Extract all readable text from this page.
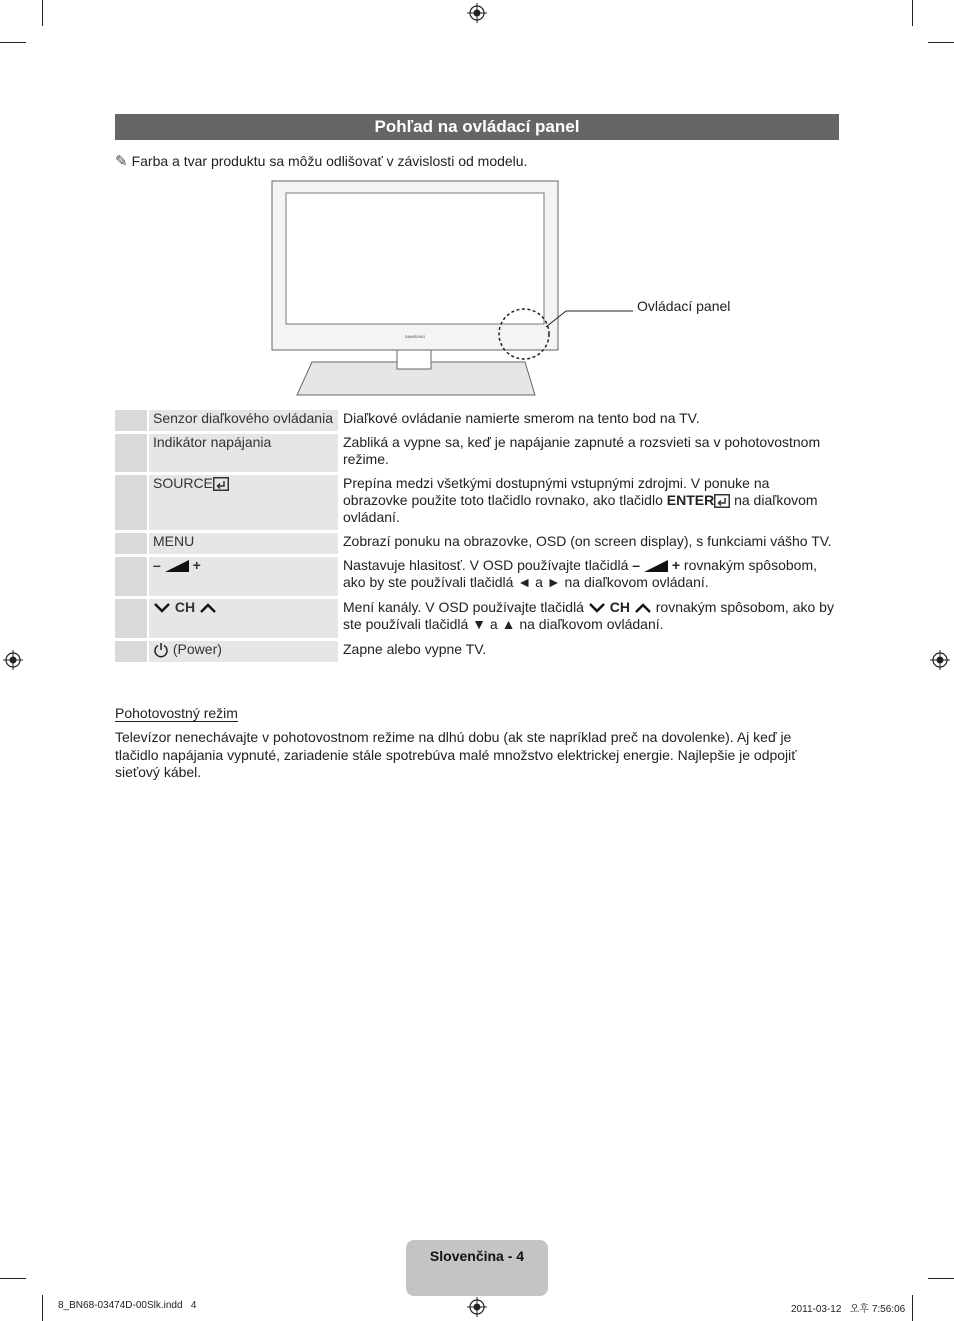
Pohľad na ovládací panel
✎ Farba a tvar produktu sa môžu odlišovať v závislosti od modelu.
SAMSUNG
Ovládací panel
	Senzor diaľkového ovládania	Diaľkové ovládanie namierte smerom na tento bod na TV.
	Indikátor napájania	Zabliká a vypne sa, keď je napájanie zapnuté a rozsvieti sa v pohotovostnom režime.
	SOURCE	Prepína medzi všetkými dostupnými vstupnými zdrojmi. V ponuke na obrazovke použite toto tlačidlo rovnako, ako tlačidlo ENTER na diaľkovom ovládaní.
	MENU	Zobrazí ponuku na obrazovke, OSD (on screen display), s funkciami vášho TV.
	– +	Nastavuje hlasitosť. V OSD používajte tlačidlá – + rovnakým spôsobom, ako by ste používali tlačidlá ◄ a ► na diaľkovom ovládaní.
	CH	Mení kanály. V OSD používajte tlačidlá  CH  rovnakým spôsobom, ako by ste používali tlačidlá ▼ a ▲ na diaľkovom ovládaní.
	(Power)	Zapne alebo vypne TV.
Pohotovostný režim
Televízor nenechávajte v pohotovostnom režime na dlhú dobu (ak ste napríklad preč na dovolenke). Aj keď je tlačidlo napájania vypnuté, zariadenie stále spotrebúva malé množstvo elektrickej energie. Najlepšie je odpojiť sieťový kábel.
Slovenčina - 4
8_BN68-03474D-00Slk.indd   4	2011-03-12   오후 7:56:06
